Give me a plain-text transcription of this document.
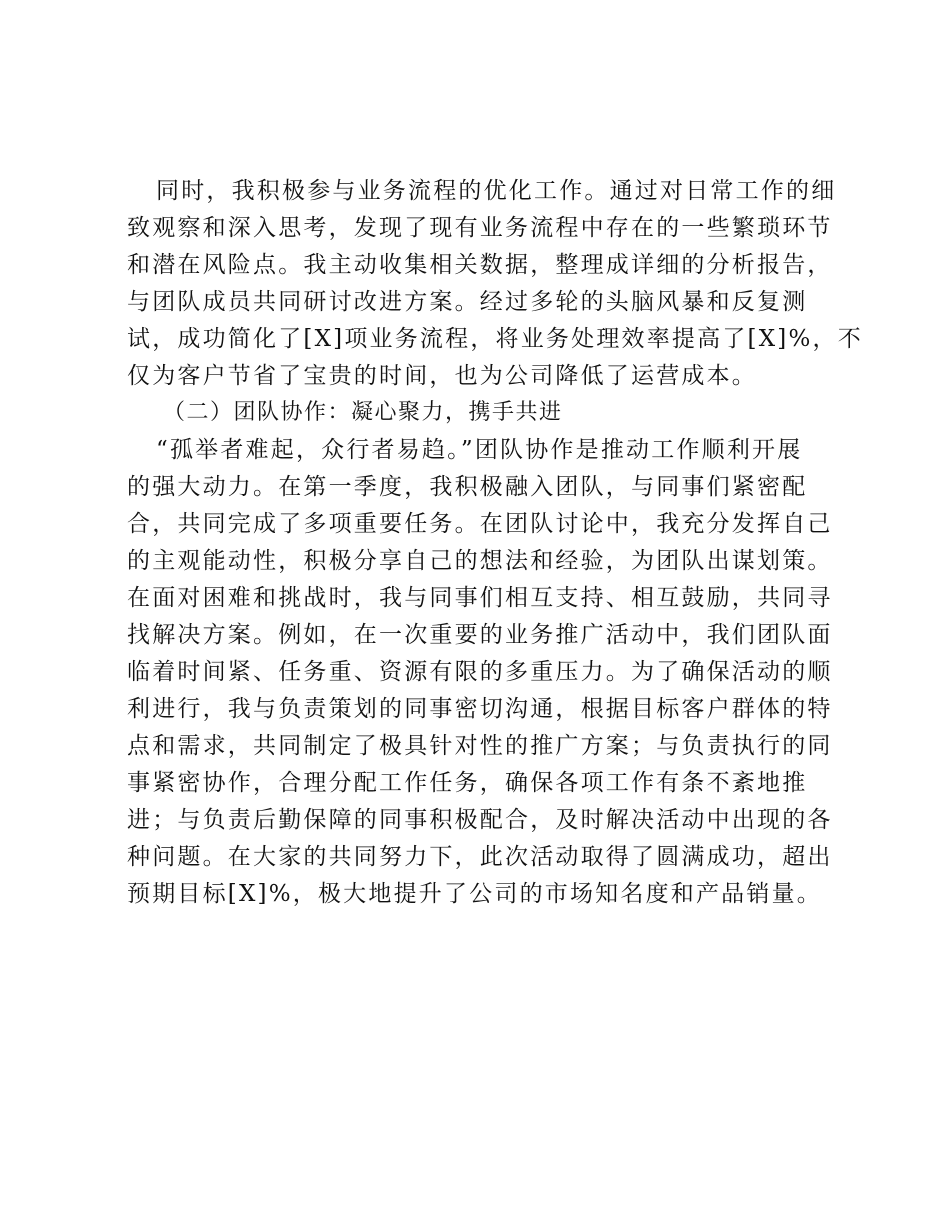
同时，我积极参与业务流程的优化工作。通过对日常工作的细
致观察和深入思考，发现了现有业务流程中存在的一些繁琐环节
和潜在风险点。我主动收集相关数据，整理成详细的分析报告，
与团队成员共同研讨改进方案。经过多轮的头脑风暴和反复测
试，成功简化了[X]项业务流程，将业务处理效率提高了[X]%，不
仅为客户节省了宝贵的时间，也为公司降低了运营成本。
（二）团队协作：凝心聚力，携手共进
“孤举者难起，众行者易趋。”团队协作是推动工作顺利开展
的强大动力。在第一季度，我积极融入团队，与同事们紧密配
合，共同完成了多项重要任务。在团队讨论中，我充分发挥自己
的主观能动性，积极分享自己的想法和经验，为团队出谋划策。
在面对困难和挑战时，我与同事们相互支持、相互鼓励，共同寻
找解决方案。例如，在一次重要的业务推广活动中，我们团队面
临着时间紧、任务重、资源有限的多重压力。为了确保活动的顺
利进行，我与负责策划的同事密切沟通，根据目标客户群体的特
点和需求，共同制定了极具针对性的推广方案；与负责执行的同
事紧密协作，合理分配工作任务，确保各项工作有条不紊地推
进；与负责后勤保障的同事积极配合，及时解决活动中出现的各
种问题。在大家的共同努力下，此次活动取得了圆满成功，超出
预期目标[X]%，极大地提升了公司的市场知名度和产品销量。
